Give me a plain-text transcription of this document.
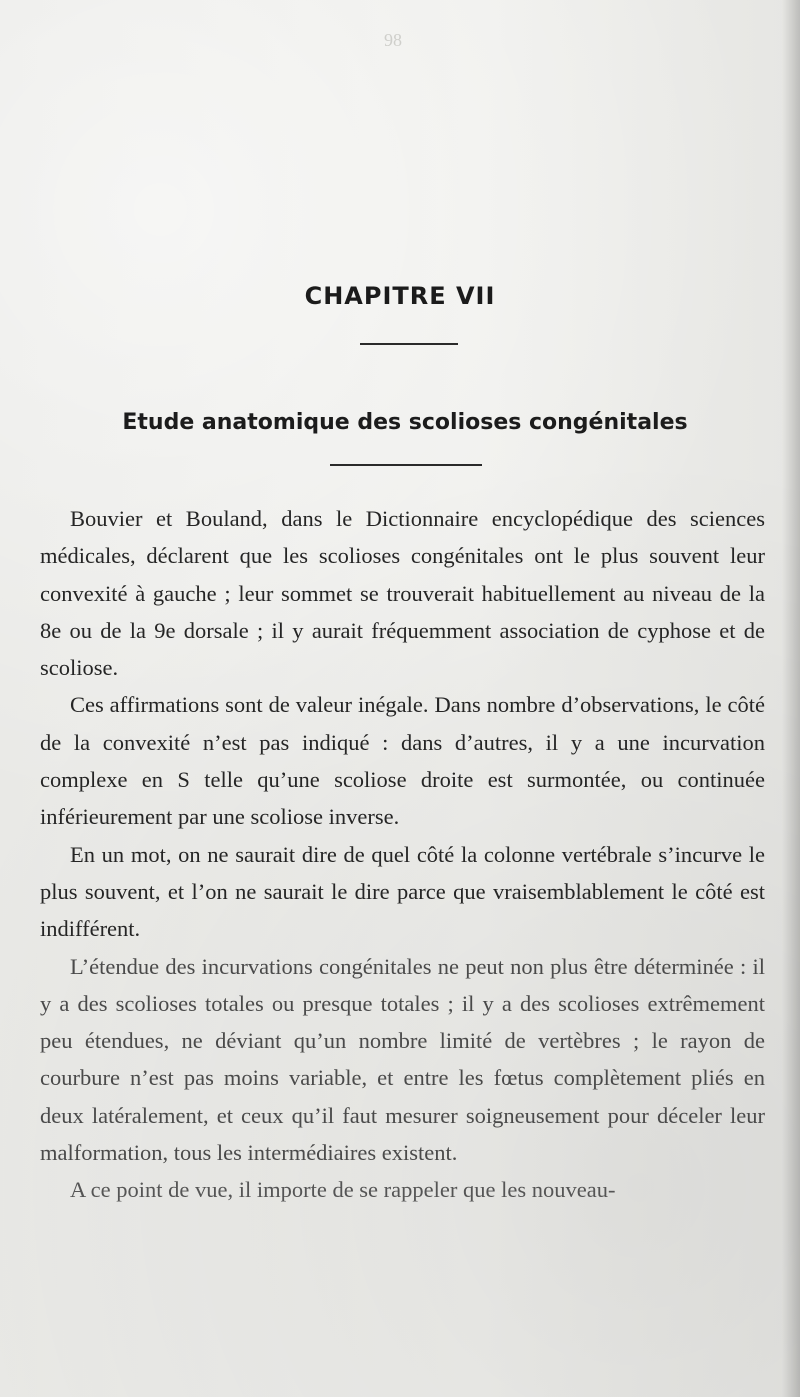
98
CHAPITRE VII
Etude anatomique des scolioses congénitales

Bouvier et Bouland, dans le Dictionnaire encyclopédique des sciences médicales, déclarent que les scolioses congénitales ont le plus souvent leur convexité à gauche ; leur sommet se trouverait habituellement au niveau de la 8e ou de la 9e dorsale ; il y aurait fréquemment association de cyphose et de scoliose.

Ces affirmations sont de valeur inégale. Dans nombre d’observations, le côté de la convexité n’est pas indiqué : dans d’autres, il y a une incurvation complexe en S telle qu’une scoliose droite est surmontée, ou continuée inférieurement par une scoliose inverse.

En un mot, on ne saurait dire de quel côté la colonne vertébrale s’incurve le plus souvent, et l’on ne saurait le dire parce que vraisemblablement le côté est indifférent.

L’étendue des incurvations congénitales ne peut non plus être déterminée : il y a des scolioses totales ou presque totales ; il y a des scolioses extrêmement peu étendues, ne déviant qu’un nombre limité de vertèbres ; le rayon de courbure n’est pas moins variable, et entre les fœtus complètement pliés en deux latéralement, et ceux qu’il faut mesurer soigneusement pour déceler leur malformation, tous les intermédiaires existent.

A ce point de vue, il importe de se rappeler que les nouveau-
